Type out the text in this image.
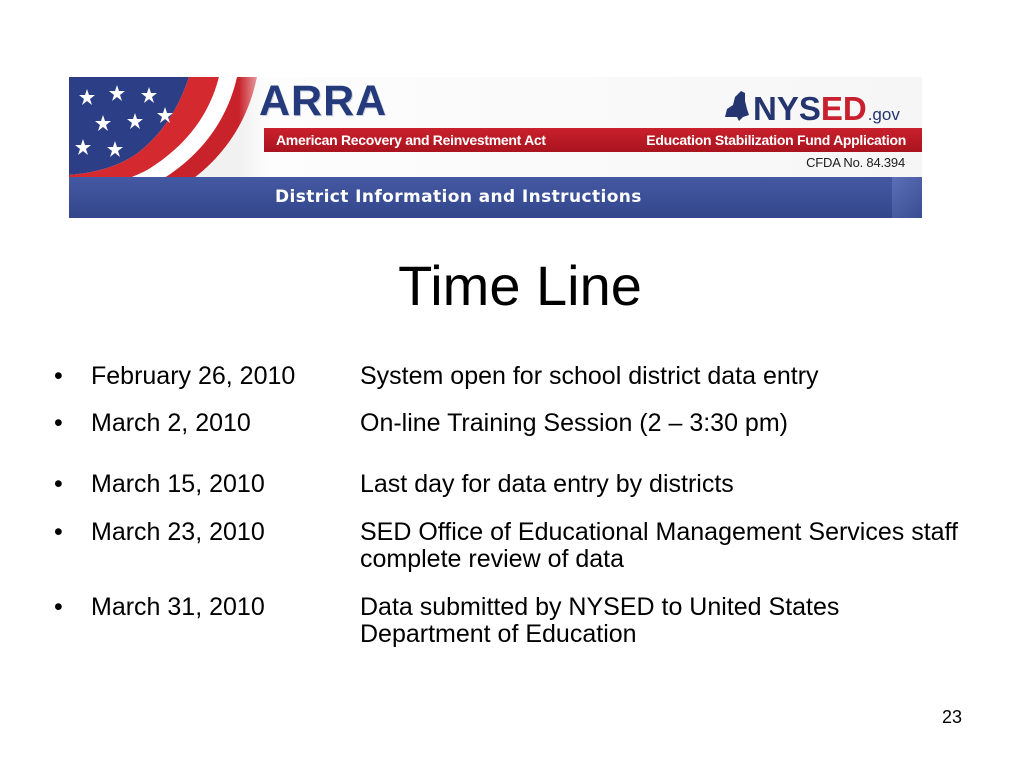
ARRA	NYS ED .gov
American Recovery and Reinvestment Act	Education Stabilization Fund Application
CFDA No. 84.394
District Information and Instructions
Time Line
• February 26, 2010	System open for school district data entry
• March 2, 2010	On-line Training Session (2 – 3:30 pm)
• March 15, 2010	Last day for data entry by districts
• March 23, 2010	SED Office of Educational Management Services staff complete review of data
• March 31, 2010	Data submitted by NYSED to United States Department of Education
23
